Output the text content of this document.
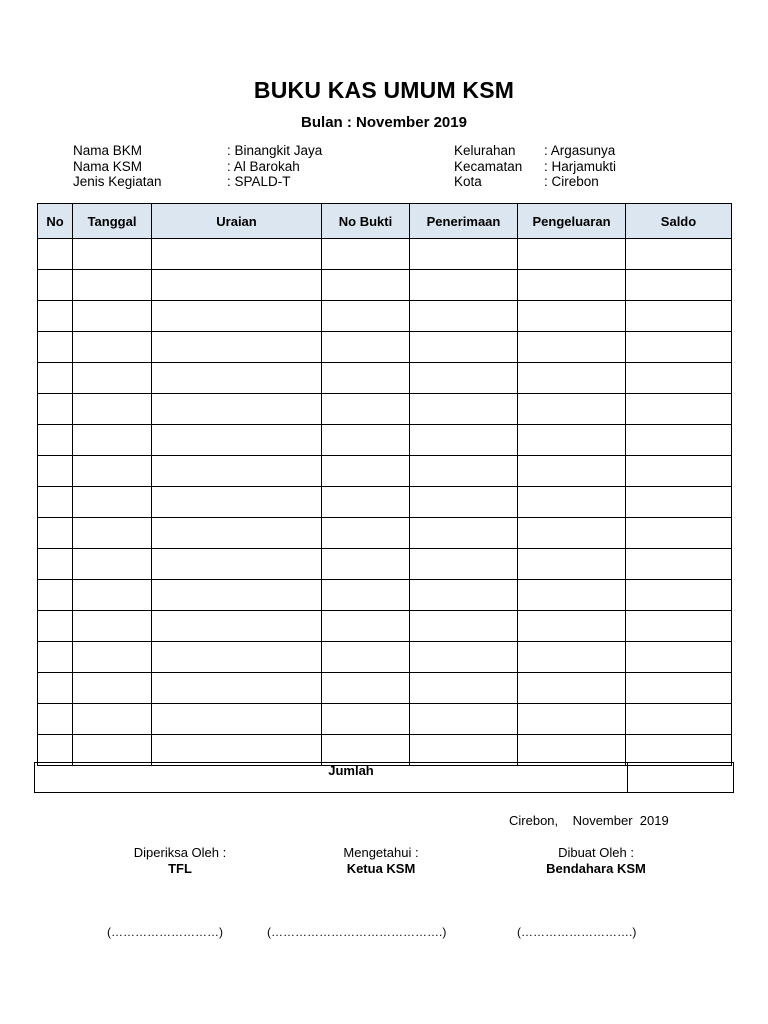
BUKU KAS UMUM KSM
Bulan : November 2019
Nama BKM	: Binangkit Jaya
Nama KSM	: Al Barokah
Jenis Kegiatan	: SPALD-T
Kelurahan : Argasunya
Kecamatan : Harjamukti
Kota	: Cirebon
No	Tanggal	Uraian	No Bukti	Penerimaan	Pengeluaran	Saldo

Jumlah
Cirebon,    November  2019
Diperiksa Oleh :
TFL
Mengetahui :
Ketua KSM
Dibuat Oleh :
Bendahara KSM
(………………………)	(…………………………………….)	(……………………….)
